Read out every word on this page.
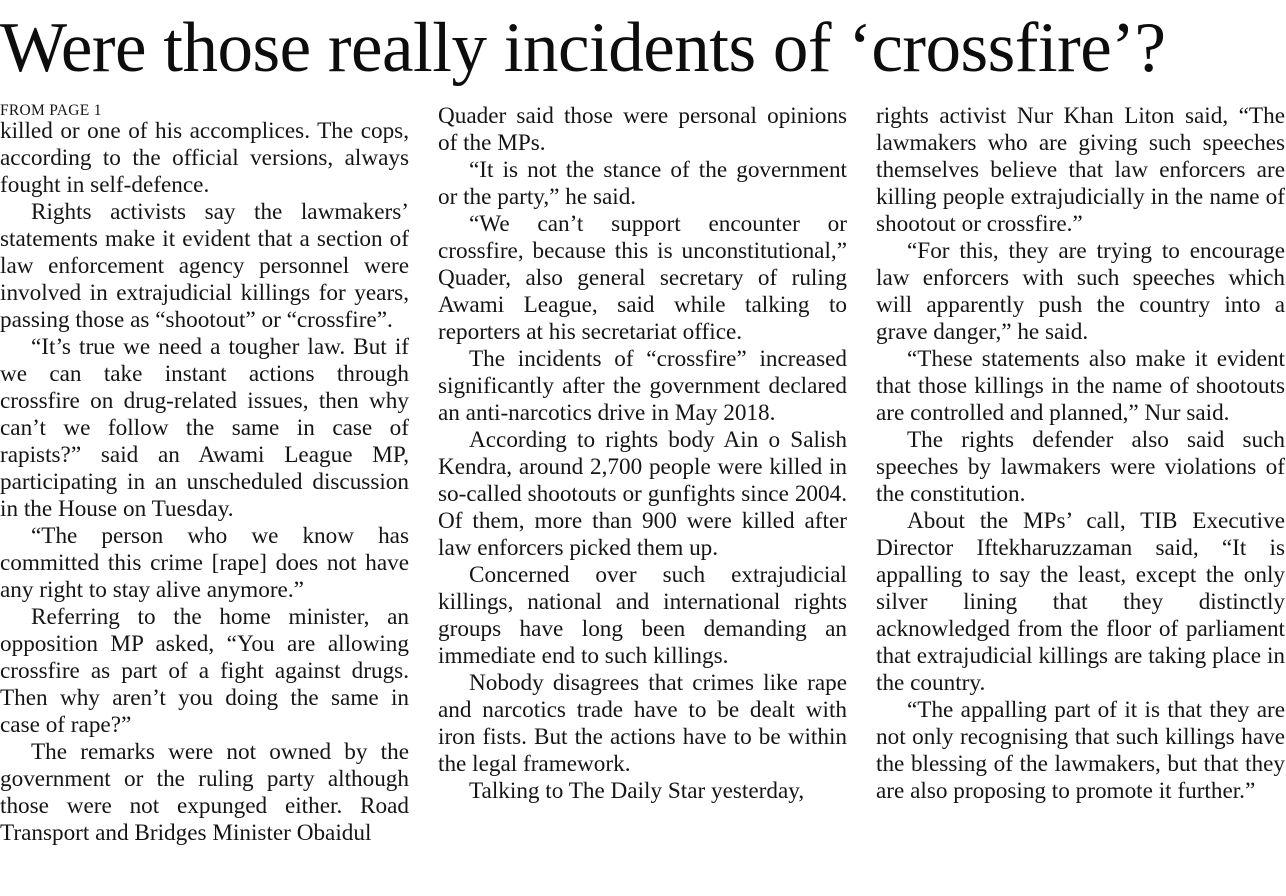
Were those really incidents of ‘crossfire’?
FROM PAGE 1

killed or one of his accomplices. The cops, according to the official versions, always fought in self-defence.

Rights activists say the lawmakers’ statements make it evident that a section of law enforcement agency personnel were involved in extrajudicial killings for years, passing those as “shootout” or “crossfire”.

“It’s true we need a tougher law. But if we can take instant actions through crossfire on drug-related issues, then why can’t we follow the same in case of rapists?” said an Awami League MP, participating in an unscheduled discussion in the House on Tuesday.

“The person who we know has committed this crime [rape] does not have any right to stay alive anymore.”

Referring to the home minister, an opposition MP asked, “You are allowing crossfire as part of a fight against drugs. Then why aren’t you doing the same in case of rape?”

The remarks were not owned by the government or the ruling party although those were not expunged either. Road Transport and Bridges Minister Obaidul

Quader said those were personal opinions of the MPs.

“It is not the stance of the government or the party,” he said.

“We can’t support encounter or crossfire, because this is unconstitutional,” Quader, also general secretary of ruling Awami League, said while talking to reporters at his secretariat office.

The incidents of “crossfire” increased significantly after the government declared an anti-narcotics drive in May 2018.

According to rights body Ain o Salish Kendra, around 2,700 people were killed in so-called shootouts or gunfights since 2004. Of them, more than 900 were killed after law enforcers picked them up.

Concerned over such extrajudicial killings, national and international rights groups have long been demanding an immediate end to such killings.

Nobody disagrees that crimes like rape and narcotics trade have to be dealt with iron fists. But the actions have to be within the legal framework.

Talking to The Daily Star yesterday,

rights activist Nur Khan Liton said, “The lawmakers who are giving such speeches themselves believe that law enforcers are killing people extrajudicially in the name of shootout or crossfire.”

“For this, they are trying to encourage law enforcers with such speeches which will apparently push the country into a grave danger,” he said.

“These statements also make it evident that those killings in the name of shootouts are controlled and planned,” Nur said.

The rights defender also said such speeches by lawmakers were violations of the constitution.

About the MPs’ call, TIB Executive Director Iftekharuzzaman said, “It is appalling to say the least, except the only silver lining that they distinctly acknowledged from the floor of parliament that extrajudicial killings are taking place in the country.

“The appalling part of it is that they are not only recognising that such killings have the blessing of the lawmakers, but that they are also proposing to promote it further.”
